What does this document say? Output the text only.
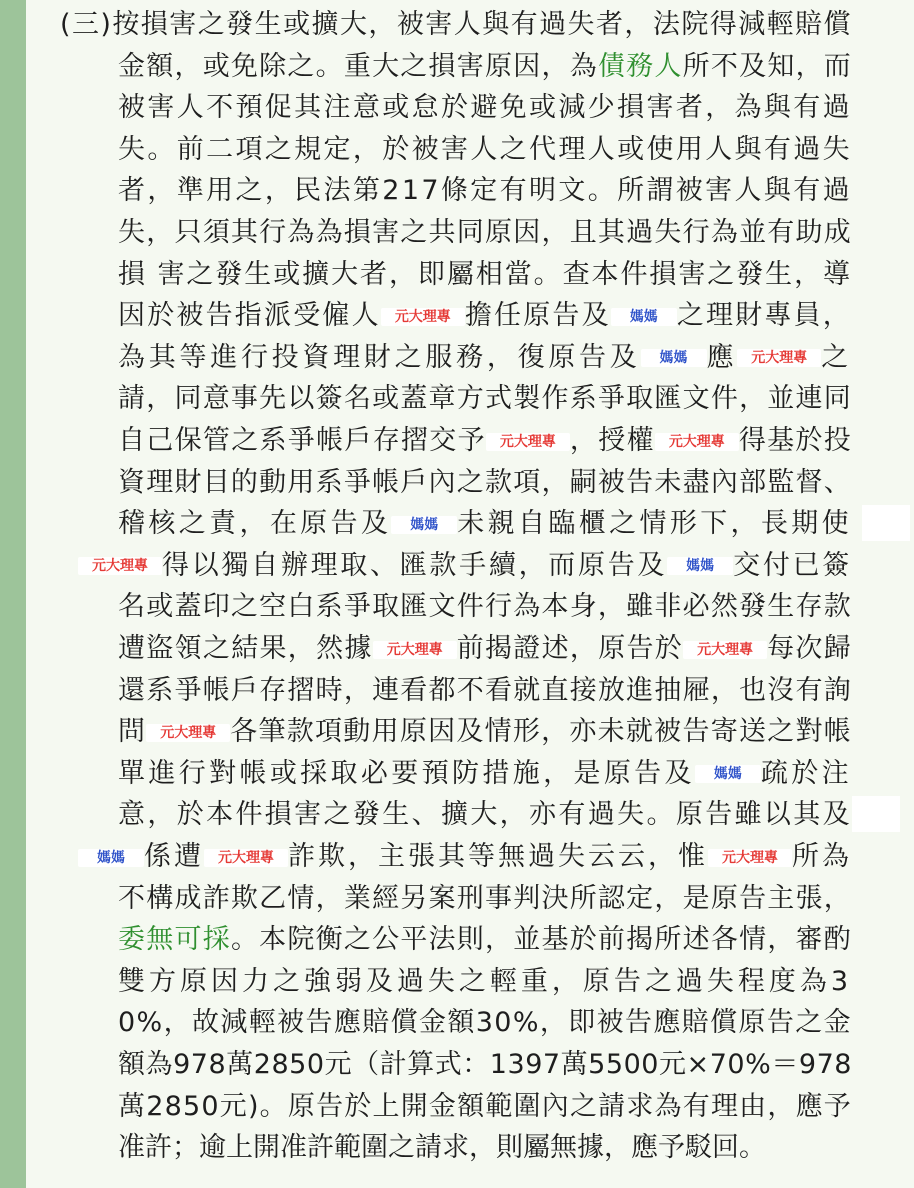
(三)按損害之發生或擴大，被害人與有過失者，法院得減輕賠償
金額，或免除之。重大之損害原因，為債務人所不及知，而
被害人不預促其注意或怠於避免或減少損害者，為與有過
失。前二項之規定，於被害人之代理人或使用人與有過失
者，準用之，民法第217條定有明文。所謂被害人與有過
失，只須其行為為損害之共同原因，且其過失行為並有助成
損 害之發生或擴大者，即屬相當。查本件損害之發生，導
因於被告指派受僱人 元大理專 擔任原告及 媽媽 之理財專員，
為其等進行投資理財之服務，復原告及 媽媽 應 元大理專 之
請，同意事先以簽名或蓋章方式製作系爭取匯文件，並連同
自己保管之系爭帳戶存摺交予 元大理專 ，授權 元大理專 得基於投
資理財目的動用系爭帳戶內之款項，嗣被告未盡內部監督、
稽核之責，在原告及 媽媽 未親自臨櫃之情形下，長期使
元大理專 得以獨自辦理取、匯款手續，而原告及 媽媽 交付已簽
名或蓋印之空白系爭取匯文件行為本身，雖非必然發生存款
遭盜領之結果，然據 元大理專 前揭證述，原告於 元大理專 每次歸
還系爭帳戶存摺時，連看都不看就直接放進抽屜，也沒有詢
問 元大理專 各筆款項動用原因及情形，亦未就被告寄送之對帳
單進行對帳或採取必要預防措施，是原告及 媽媽 疏於注
意，於本件損害之發生、擴大，亦有過失。原告雖以其及
媽媽 係遭 元大理專 詐欺，主張其等無過失云云，惟 元大理專 所為
不構成詐欺乙情，業經另案刑事判決所認定，是原告主張，
委無可採。本院衡之公平法則，並基於前揭所述各情，審酌
雙方原因力之強弱及過失之輕重，原告之過失程度為3
0%，故減輕被告應賠償金額30%，即被告應賠償原告之金
額為978萬2850元（計算式：1397萬5500元×70%＝978
萬2850元)。原告於上開金額範圍內之請求為有理由，應予
准許；逾上開准許範圍之請求，則屬無據，應予駁回。
